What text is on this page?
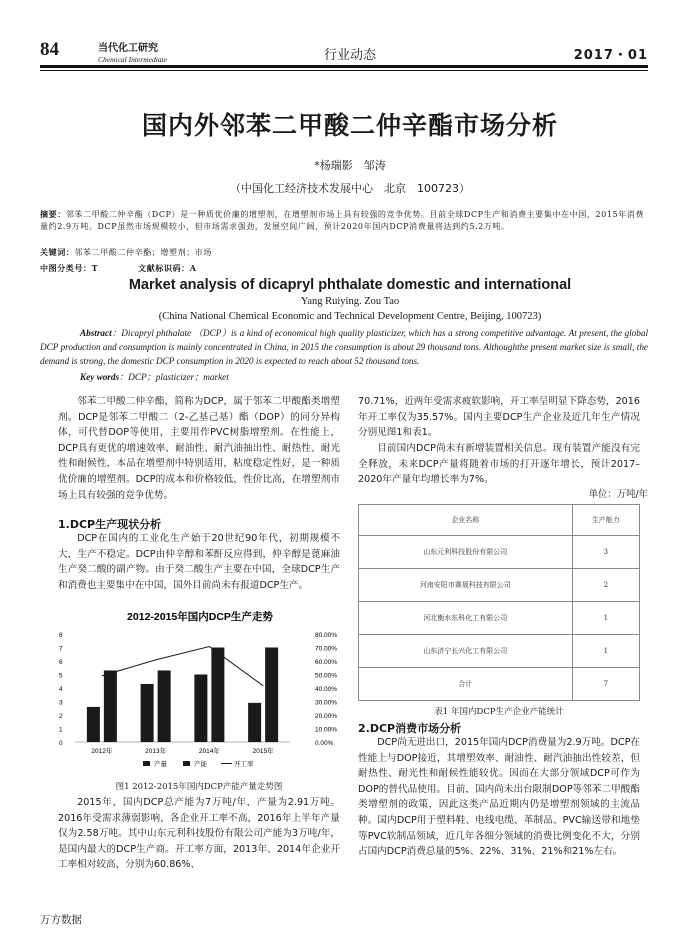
84	当代化工研究
Chemical Intermediate	行业动态	2017・01
国内外邻苯二甲酸二仲辛酯市场分析
*杨瑞影　邹涛
（中国化工经济技术发展中心　北京　100723）
摘要：邻苯二甲酸二仲辛酯（DCP）是一种质优价廉的增塑剂，在增塑剂市场上具有较强的竞争优势。目前全球DCP生产和消费主要集中在中国，2015年消费量约2.9万吨。DCP虽然市场规模较小，但市场需求强劲，发展空间广阔，预计2020年国内DCP消费量将达到约5.2万吨。
关键词：邻苯二甲酸二仲辛酯；增塑剂；市场
中图分类号：T	文献标识码：A
Market analysis of dicapryl phthalate domestic and international
Yang Ruiying. Zou Tao
(China National Chemical Economic and Technical Development Centre, Beijing, 100723)
Abstract：Dicapryl phthalate （DCP）is a kind of economical high quality plasticizer, which has a strong competitive advantage. At present, the global DCP production and consumption is mainly concentrated in China, in 2015 the consumption is about 29 thousand tons. Althoughthe present market size is small, the demand is strong, the domestic DCP consumption in 2020 is expected to reach about 52 thousand tons.
Key words：DCP；plasticizer；market
邻苯二甲酸二仲辛酯，简称为DCP，属于邻苯二甲酸酯类增塑剂。DCP是邻苯二甲酸二（2-乙基己基）酯（DOP）的同分异构体，可代替DOP等使用，主要用作PVC树脂增塑剂。在性能上，DCP具有更优的增速效率、耐油性、耐汽油抽出性、耐热性、耐光性和耐候性，本品在增塑剂中特别适用，粘度稳定性好，是一种质优价廉的增塑剂。DCP的成本和价格较低，性价比高，在增塑剂市场上具有较强的竞争优势。
1.DCP生产现状分析
DCP在国内的工业化生产始于20世纪90年代，初期规模不大，生产不稳定。DCP由仲辛醇和苯酐反应得到，仲辛醇是蓖麻油生产癸二酸的副产物。由于癸二酸生产主要在中国，全球DCP生产和消费也主要集中在中国，国外目前尚未有报道DCP生产。
2012-2015年国内DCP生产走势
8
7
6
5
4
3
2
1
0
80.00%
70.00%
60.00%
50.00%
40.00%
30.00%
20.00%
10.00%
0.00%
2012年	2013年	2014年	2015年
产量	产能	开工率
图1 2012-2015年国内DCP产能产量走势图
2015年，国内DCP总产能为7万吨/年，产量为2.91万吨。2016年受需求薄弱影响，各企业开工率不高，2016年上半年产量仅为2.58万吨。其中山东元利科技股份有限公司产能为3万吨/年，是国内最大的DCP生产商。开工率方面，2013年、2014年企业开工率相对较高，分别为60.86%、
70.71%，近两年受需求疲软影响，开工率呈明显下降态势，2016年开工率仅为35.57%。国内主要DCP生产企业及近几年生产情况分别见图1和表1。
目前国内DCP尚未有新增装置相关信息。现有装置产能没有完全释放，未来DCP产量将随着市场的打开逐年增长，预计2017–2020年产量年均增长率为7%。
单位：万吨/年
企业名称	生产能力
山东元利科技股份有限公司	3
河南安阳市赛晟科技有限公司	2
河北衡水东科化工有限公司	1
山东济宁长兴化工有限公司	1
合计	7
表1 年国内DCP生产企业产能统计
2.DCP消费市场分析
DCP尚无进出口，2015年国内DCP消费量为2.9万吨。DCP在性能上与DOP接近，其增塑效率、耐油性、耐汽油抽出性较差，但耐热性、耐光性和耐候性能较优。因而在大部分领域DCP可作为DOP的替代品使用。目前，国内尚未出台限制DOP等邻苯二甲酸酯类增塑剂的政策，因此这类产品近期内仍是增塑剂领域的主流品种。国内DCP用于塑料鞋、电线电缆、革制品、PVC输送带和地垫等PVC软制品领域，近几年各细分领域的消费比例变化不大，分别占国内DCP消费总量的5%、22%、31%、21%和21%左右。
万方数据
